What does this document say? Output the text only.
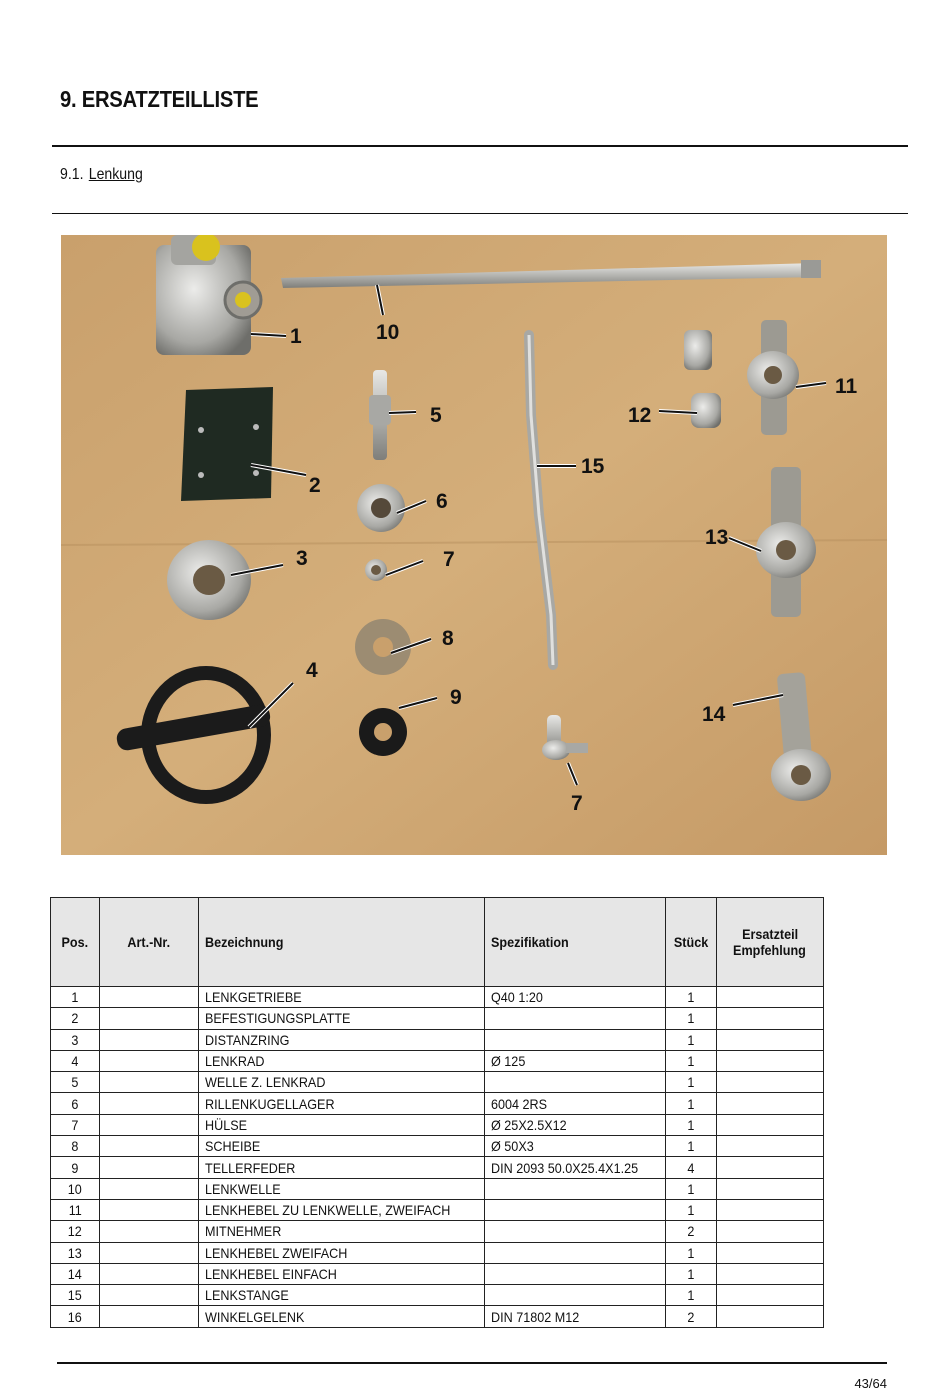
9. ERSATZTEILLISTE
9.1. Lenkung
1
2
3
4
5
6
7
8
9
10
11
12
13
14
15
7
Pos.	Art.-Nr.	Bezeichnung	Spezifikation	Stück	Ersatzteil
Empfehlung
1		LENKGETRIEBE	Q40 1:20	1	
2		BEFESTIGUNGSPLATTE		1	
3		DISTANZRING		1	
4		LENKRAD	Ø 125	1	
5		WELLE Z. LENKRAD		1	
6		RILLENKUGELLAGER	6004 2RS	1	
7		HÜLSE	Ø 25X2.5X12	1	
8		SCHEIBE	Ø 50X3	1	
9		TELLERFEDER	DIN 2093 50.0X25.4X1.25	4	
10		LENKWELLE		1	
11		LENKHEBEL ZU LENKWELLE, ZWEIFACH		1	
12		MITNEHMER		2	
13		LENKHEBEL ZWEIFACH		1	
14		LENKHEBEL EINFACH		1	
15		LENKSTANGE		1	
16		WINKELGELENK	DIN 71802 M12	2	
43/64
